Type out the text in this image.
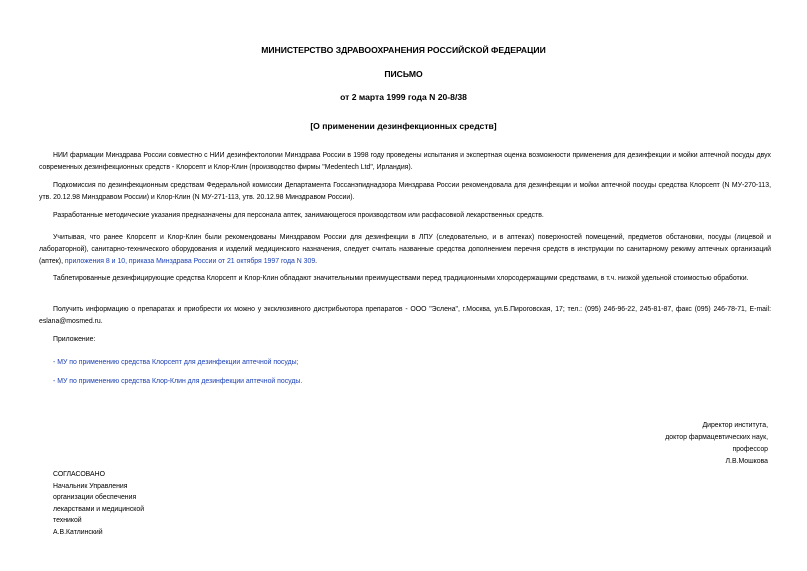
МИНИСТЕРСТВО ЗДРАВООХРАНЕНИЯ РОССИЙСКОЙ ФЕДЕРАЦИИ
ПИСЬМО
от 2 марта 1999 года N 20-8/38
[О применении дезинфекционных средств]
НИИ фармации Минздрава России совместно с НИИ дезинфектологии Минздрава России в 1998 году проведены испытания и экспертная оценка возможности применения для дезинфекции и мойки аптечной посуды двух современных дезинфекционных средств - Клорсепт и Клор-Клин (производство фирмы "Medentech Ltd", Ирландия).
Подкомиссия по дезинфекционным средствам Федеральной комиссии Департамента Госсанэпиднадзора Минздрава России рекомендовала для дезинфекции и мойки аптечной посуды средства Клорсепт (N МУ-270-113, утв. 20.12.98 Минздравом России) и Клор-Клин (N МУ-271-113, утв. 20.12.98 Минздравом России).
Разработанные методические указания предназначены для персонала аптек, занимающегося производством или расфасовкой лекарственных средств.
Учитывая, что ранее Клорсепт и Клор-Клин были рекомендованы Минздравом России для дезинфекции в ЛПУ (следовательно, и в аптеках) поверхностей помещений, предметов обстановки, посуды (лицевой и лабораторной), санитарно-технического оборудования и изделий медицинского назначения, следует считать названные средства дополнением перечня средств в инструкции по санитарному режиму аптечных организаций (аптек), приложения 8 и 10, приказа Минздрава России от 21 октября 1997 года N 309.
Таблетированные дезинфицирующие средства Клорсепт и Клор-Клин обладают значительными преимуществами перед традиционными хлорсодержащими средствами, в т.ч. низкой удельной стоимостью обработки.
Получить информацию о препаратах и приобрести их можно у эксклюзивного дистрибьютора препаратов - ООО "Эслена", г.Москва, ул.Б.Пироговская, 17; тел.: (095) 246-96-22, 245-81-87, факс (095) 246-78-71, E-mail: eslana@mosmed.ru.
Приложение:
- МУ по применению средства Клорсепт для дезинфекции аптечной посуды;
- МУ по применению средства Клор-Клин для дезинфекции аптечной посуды.
Директор института,
доктор фармацевтических наук,
профессор
Л.В.Мошкова
СОГЛАСОВАНО
Начальник Управления
организации обеспечения
лекарствами и медицинской
техникой
А.В.Катлинский
